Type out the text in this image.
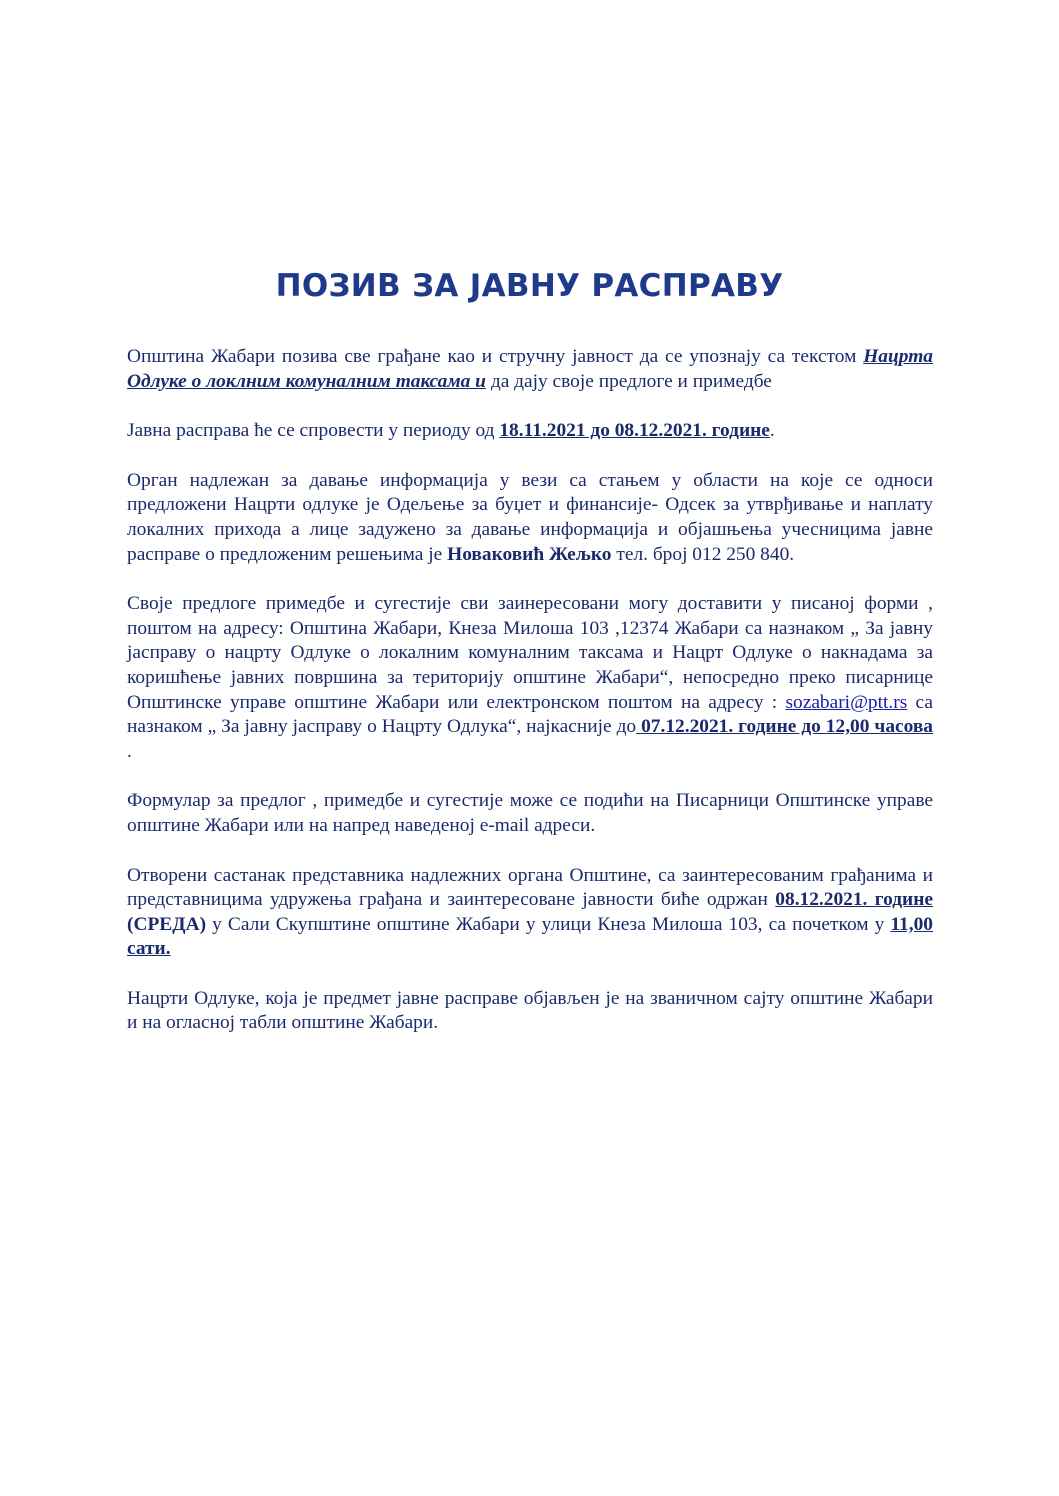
ПОЗИВ ЗА ЈАВНУ РАСПРАВУ

Општина Жабари позива све грађане као и стручну јавност да се упознају са текстом Нацрта Одлуке о локлним комуналним таксама и да дају своје предлоге и примедбе

Јавна расправа ће се спровести у периоду од 18.11.2021 до 08.12.2021. године.

Орган надлежан за давање информација у вези са стањем у области на које се односи предложени Нацрти одлуке је Одељење за буџет и финансије- Одсек за утврђивање и наплату локалних прихода а лице задужено за давање информација и објашњења учесницима јавне расправе о предложеним решењима је Новаковић Жељко тел. број 012 250 840.

Своје предлоге примедбе и сугестије сви заинересовани могу доставити у писаној форми , поштом на адресу: Општина Жабари, Кнеза Милоша 103 ,12374 Жабари са назнаком „ За јавну јасправу о нацрту Одлуке о локалним комуналним таксама и Нацрт Одлуке о накнадама за коришћење јавних површина за територију општине Жабари“, непосредно преко писарнице Општинске управе општине Жабари или електронском поштом на адресу : sozabari@ptt.rs са назнаком „ За јавну јасправу о Нацрту Одлука“, најкасније до 07.12.2021. године до 12,00 часова .

Формулар за предлог , примедбе и сугестије може се подићи на Писарници Општинске управе општине Жабари или на напред наведеној e-mail адреси.

Отворени састанак представника надлежних органа Општине, са заинтересованим грађанима и представницима удружења грађана и заинтересоване јавности биће одржан 08.12.2021. године (СРЕДА) у Сали Скупштине општине Жабари у улици Кнеза Милоша 103, са почетком у 11,00 сати.

Нацрти Одлуке, која је предмет јавне расправе објављен је на званичном сајту општине Жабари и на огласној табли општине Жабари.
